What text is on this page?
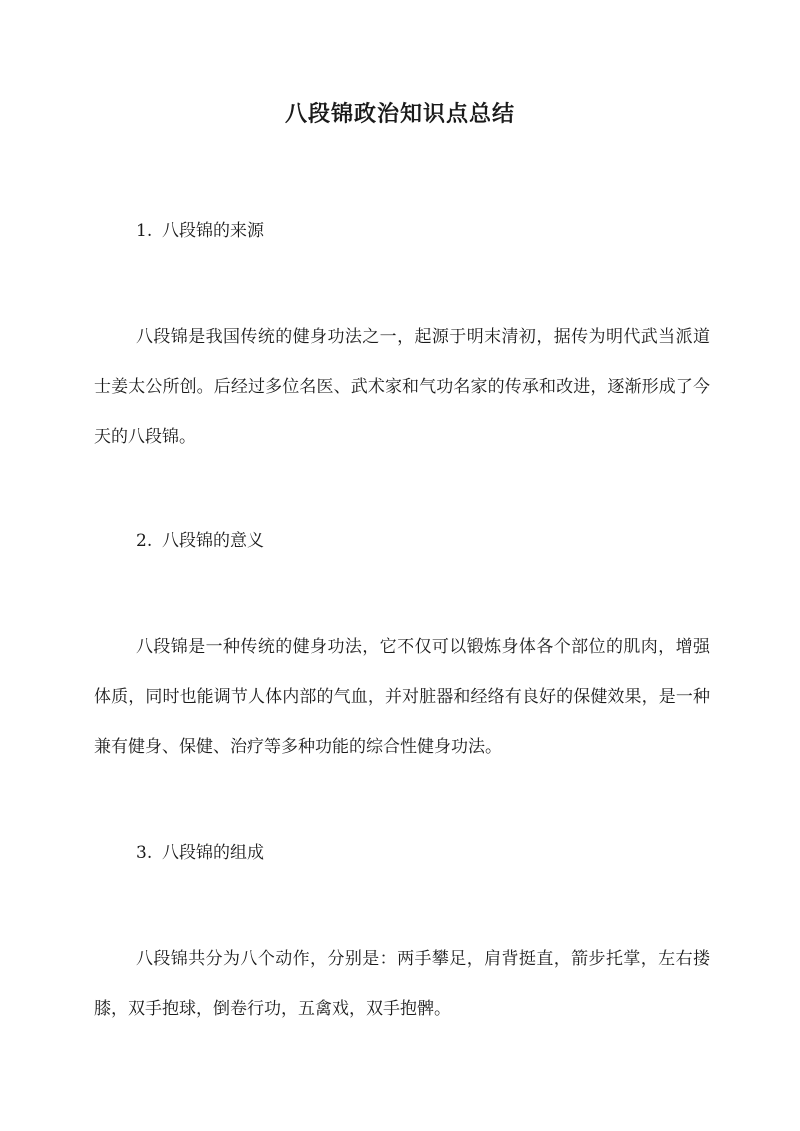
八段锦政治知识点总结
1. 八段锦的来源

八段锦是我国传统的健身功法之一，起源于明末清初，据传为明代武当派道士姜太公所创。后经过多位名医、武术家和气功名家的传承和改进，逐渐形成了今天的八段锦。

2. 八段锦的意义

八段锦是一种传统的健身功法，它不仅可以锻炼身体各个部位的肌肉，增强体质，同时也能调节人体内部的气血，并对脏器和经络有良好的保健效果，是一种兼有健身、保健、治疗等多种功能的综合性健身功法。

3. 八段锦的组成

八段锦共分为八个动作，分别是：两手攀足，肩背挺直，箭步托掌，左右搂膝，双手抱球，倒卷行功，五禽戏，双手抱髀。
